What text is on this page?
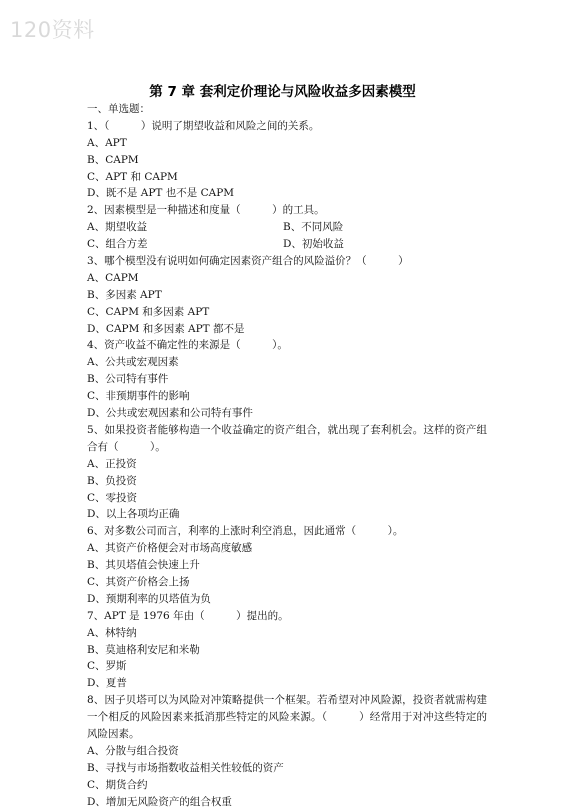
120资料
第 7 章 套利定价理论与风险收益多因素模型
一、单选题：
1、（　　　）说明了期望收益和风险之间的关系。
A、APT
B、CAPM
C、APT 和 CAPM
D、既不是 APT 也不是 CAPM
2、因素模型是一种描述和度量（　　　）的工具。
A、期望收益	B、不同风险
C、组合方差	D、初始收益
3、哪个模型没有说明如何确定因素资产组合的风险溢价？（　　　）
A、CAPM
B、多因素 APT
C、CAPM 和多因素 APT
D、CAPM 和多因素 APT 都不是
4、资产收益不确定性的来源是（　　　）。
A、公共或宏观因素
B、公司特有事件
C、非预期事件的影响
D、公共或宏观因素和公司特有事件
5、如果投资者能够构造一个收益确定的资产组合，就出现了套利机会。这样的资产组合有（　　　）。
A、正投资
B、负投资
C、零投资
D、以上各项均正确
6、对多数公司而言，利率的上涨时利空消息，因此通常（　　　）。
A、其资产价格便会对市场高度敏感
B、其贝塔值会快速上升
C、其资产价格会上扬
D、预期利率的贝塔值为负
7、APT 是 1976 年由（　　　）提出的。
A、林特纳
B、莫迪格利安尼和米勒
C、罗斯
D、夏普
8、因子贝塔可以为风险对冲策略提供一个框架。若希望对冲风险源，投资者就需构建一个相反的风险因素来抵消那些特定的风险来源。（　　　）经常用于对冲这些特定的风险因素。
A、分散与组合投资
B、寻找与市场指数收益相关性较低的资产
C、期货合约
D、增加无风险资产的组合权重
